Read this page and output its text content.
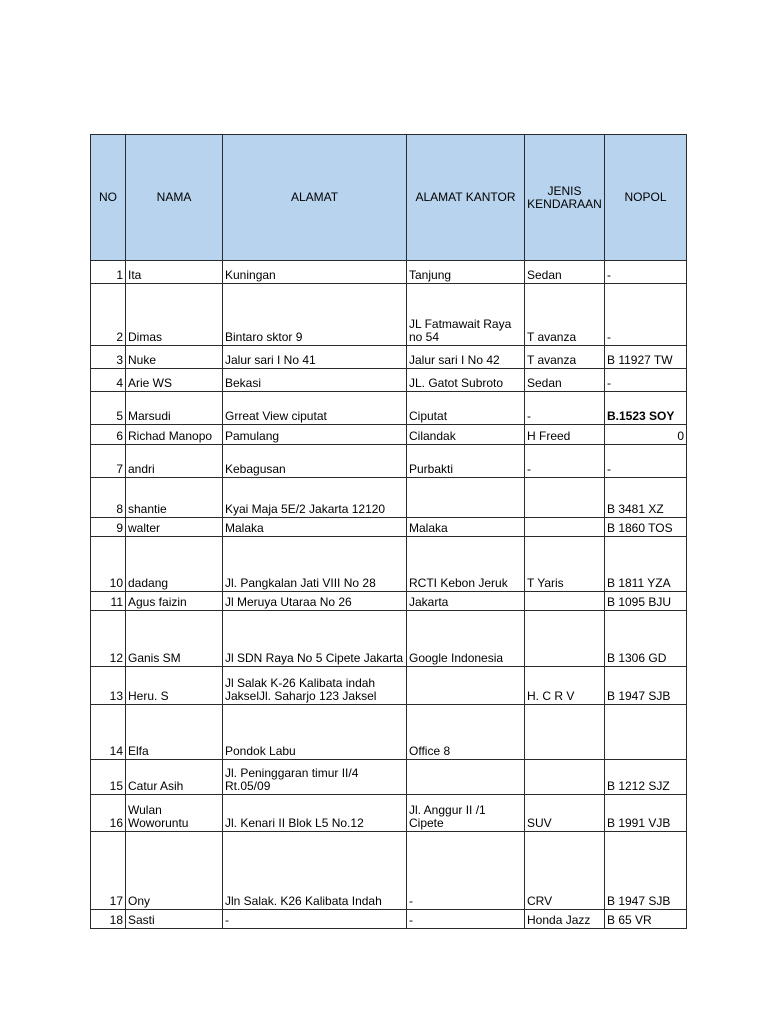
NO	NAMA	ALAMAT	ALAMAT KANTOR	JENIS KENDARAAN	NOPOL
1	Ita	Kuningan	Tanjung	Sedan	-
2	Dimas	Bintaro sktor 9	JL Fatmawait Raya no 54	T avanza	-
3	Nuke	Jalur sari I No 41	Jalur sari I No 42	T avanza	B 11927 TW
4	Arie WS	Bekasi	JL. Gatot Subroto	Sedan	-
5	Marsudi	Grreat View ciputat	Ciputat	-	B.1523 SOY
6	Richad Manopo	Pamulang	Cilandak	H Freed	0
7	andri	Kebagusan	Purbakti	-	-
8	shantie	Kyai Maja 5E/2 Jakarta 12120			B 3481 XZ
9	walter	Malaka	Malaka		B 1860 TOS
10	dadang	Jl. Pangkalan Jati VIII No 28	RCTI Kebon Jeruk	T Yaris	B 1811 YZA
11	Agus faizin	Jl Meruya Utaraa No 26	Jakarta		B 1095 BJU
12	Ganis SM	Jl SDN Raya No 5 Cipete Jakarta	Google Indonesia		B 1306 GD
13	Heru. S	Jl Salak K-26 Kalibata indah JakselJl. Saharjo 123 Jaksel		H. C R V	B 1947 SJB
14	Elfa	Pondok Labu	Office 8		
15	Catur Asih	Jl. Peninggaran timur II/4 Rt.05/09			B 1212 SJZ
16	Wulan Woworuntu	Jl. Kenari II Blok L5 No.12	Jl. Anggur II /1 Cipete	SUV	B 1991 VJB
17	Ony	Jln Salak. K26 Kalibata Indah	-	CRV	B 1947 SJB
18	Sasti	-	-	Honda Jazz	B 65 VR
